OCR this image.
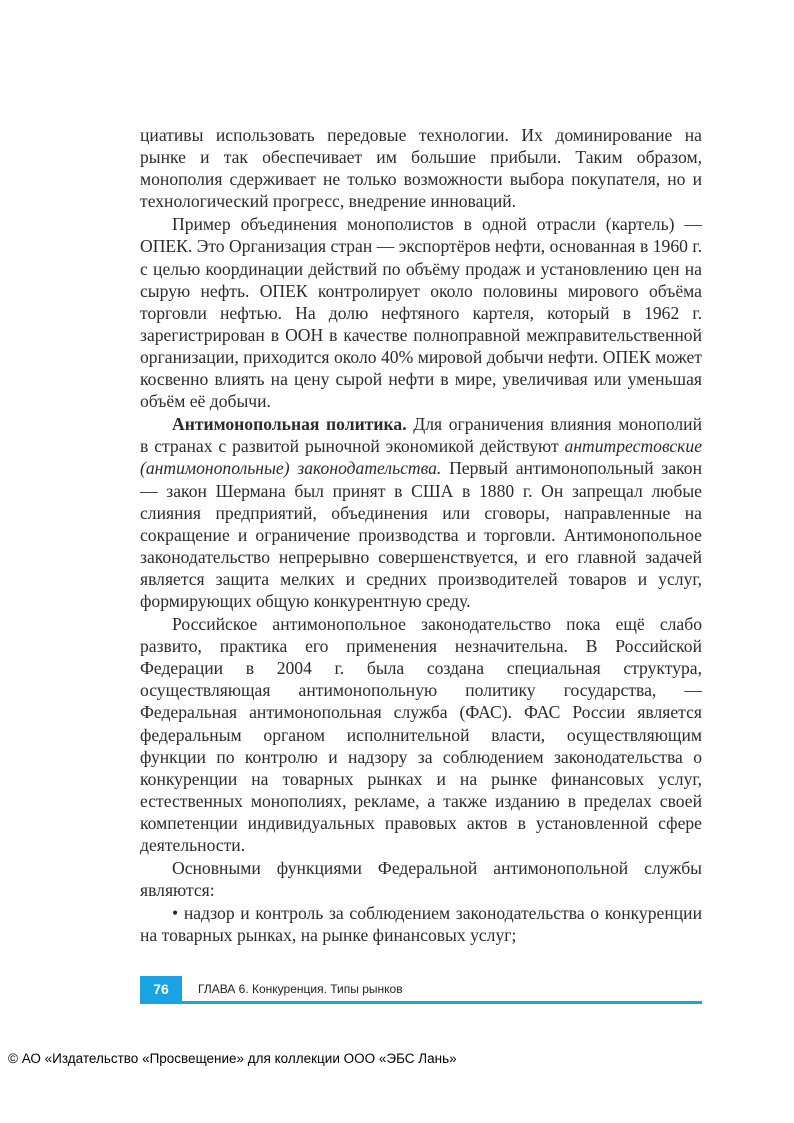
циативы использовать передовые технологии. Их доминирование на рынке и так обеспечивает им большие прибыли. Таким образом, монополия сдерживает не только возможности выбора покупателя, но и технологический прогресс, внедрение инноваций.

Пример объединения монополистов в одной отрасли (картель) — ОПЕК. Это Организация стран — экспортёров нефти, основанная в 1960 г. с целью координации действий по объёму продаж и установлению цен на сырую нефть. ОПЕК контролирует около половины мирового объёма торговли нефтью. На долю нефтяного картеля, который в 1962 г. зарегистрирован в ООН в качестве полноправной межправительственной организации, приходится около 40% мировой добычи нефти. ОПЕК может косвенно влиять на цену сырой нефти в мире, увеличивая или уменьшая объём её добычи.

Антимонопольная политика. Для ограничения влияния монополий в странах с развитой рыночной экономикой действуют антитрестовские (антимонопольные) законодательства. Первый антимонопольный закон — закон Шермана был принят в США в 1880 г. Он запрещал любые слияния предприятий, объединения или сговоры, направленные на сокращение и ограничение производства и торговли. Антимонопольное законодательство непрерывно совершенствуется, и его главной задачей является защита мелких и средних производителей товаров и услуг, формирующих общую конкурентную среду.

Российское антимонопольное законодательство пока ещё слабо развито, практика его применения незначительна. В Российской Федерации в 2004 г. была создана специальная структура, осуществляющая антимонопольную политику государства, — Федеральная антимонопольная служба (ФАС). ФАС России является федеральным органом исполнительной власти, осуществляющим функции по контролю и надзору за соблюдением законодательства о конкуренции на товарных рынках и на рынке финансовых услуг, естественных монополиях, рекламе, а также изданию в пределах своей компетенции индивидуальных правовых актов в установленной сфере деятельности.

Основными функциями Федеральной антимонопольной службы являются:

• надзор и контроль за соблюдением законодательства о конкуренции на товарных рынках, на рынке финансовых услуг;

76	ГЛАВА 6. Конкуренция. Типы рынков
© АО «Издательство «Просвещение» для коллекции ООО «ЭБС Лань»
